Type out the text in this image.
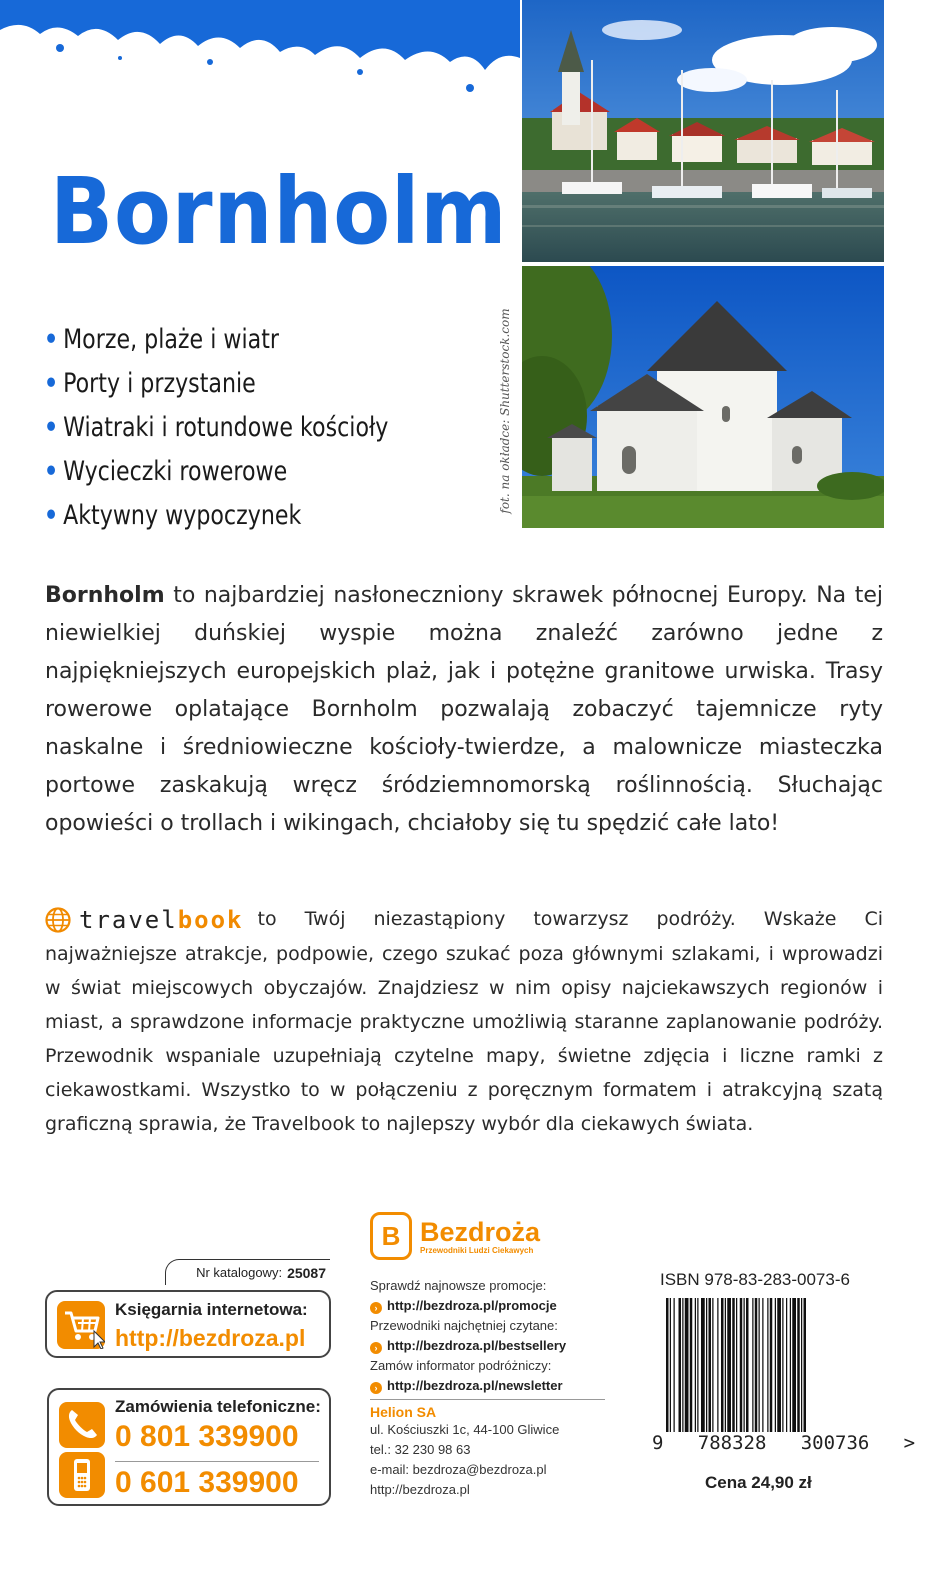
fot. na okładce: Shutterstock.com
Bornholm
• Morze, plaże i wiatr
• Porty i przystanie
• Wiatraki i rotundowe kościoły
• Wycieczki rowerowe
• Aktywny wypoczynek
Bornholm to najbardziej nasłoneczniony skrawek północnej Europy. Na tej niewielkiej duńskiej wyspie można znaleźć zarówno jedne z najpiękniejszych europejskich plaż, jak i potężne granitowe urwiska. Trasy rowerowe oplatające Bornholm pozwalają zobaczyć tajemnicze ryty naskalne i średniowieczne kościoły-twierdze, a malownicze miasteczka portowe zaskakują wręcz śródziemnomorską roślinnością. Słuchając opowieści o trollach i wikingach, chciałoby się tu spędzić całe lato!
travelbook to Twój niezastąpiony towarzysz podróży. Wskaże Ci najważniejsze atrakcje, podpowie, czego szukać poza głównymi szlakami, i wprowadzi w świat miejscowych obyczajów. Znajdziesz w nim opisy najciekawszych regionów i miast, a sprawdzone informacje praktyczne umożliwią staranne zaplanowanie podróży. Przewodnik wspaniale uzupełniają czytelne mapy, świetne zdjęcia i liczne ramki z ciekawostkami. Wszystko to w połączeniu z poręcznym formatem i atrakcyjną szatą graficzną sprawia, że Travelbook to najlepszy wybór dla ciekawych świata.
Nr katalogowy: 25087
Księgarnia internetowa:
http://bezdroza.pl
Zamówienia telefoniczne:
0 801 339900
0 601 339900
B Bezdroża
Przewodniki Ludzi Ciekawych
Sprawdź najnowsze promocje:
› http://bezdroza.pl/promocje
Przewodniki najchętniej czytane:
› http://bezdroza.pl/bestsellery
Zamów informator podróżniczy:
› http://bezdroza.pl/newsletter
Helion SA
ul. Kościuszki 1c, 44-100 Gliwice
tel.: 32 230 98 63
e-mail: bezdroza@bezdroza.pl
http://bezdroza.pl
ISBN 978-83-283-0073-6
9   788328   300736   >
Cena 24,90 zł
